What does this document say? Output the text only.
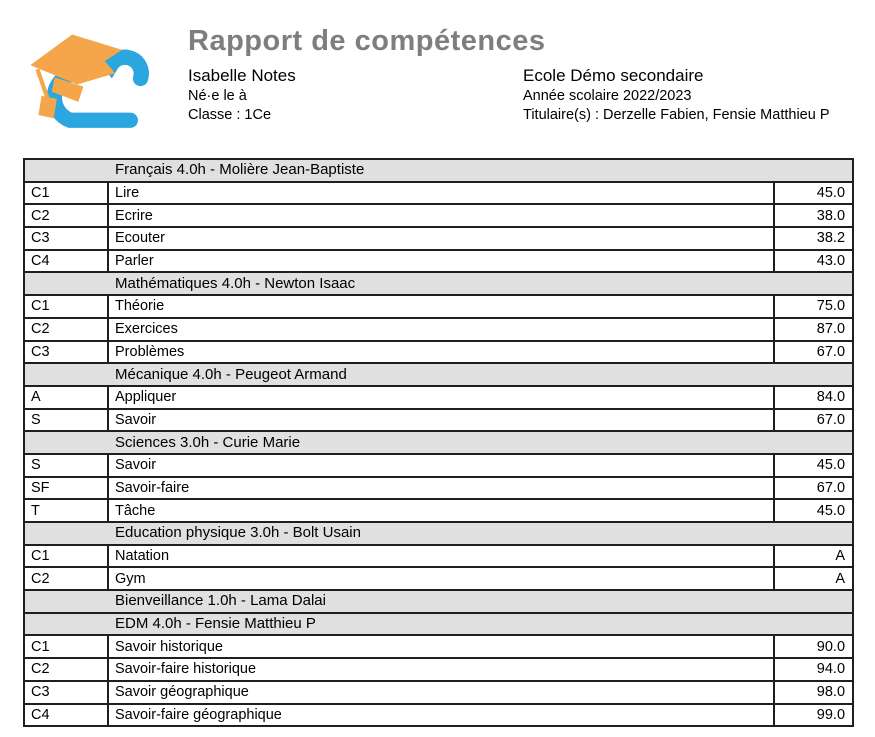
Rapport de compétences
Isabelle Notes
Né·e le à
Classe : 1Ce
Ecole Démo secondaire
Année scolaire 2022/2023
Titulaire(s) : Derzelle Fabien, Fensie Matthieu P
Français 4.0h - Molière Jean-Baptiste		
C1	Lire	45.0
C2	Ecrire	38.0
C3	Ecouter	38.2
C4	Parler	43.0
Mathématiques 4.0h - Newton Isaac		
C1	Théorie	75.0
C2	Exercices	87.0
C3	Problèmes	67.0
Mécanique 4.0h - Peugeot Armand		
A	Appliquer	84.0
S	Savoir	67.0
Sciences 3.0h - Curie Marie		
S	Savoir	45.0
SF	Savoir-faire	67.0
T	Tâche	45.0
Education physique 3.0h - Bolt Usain		
C1	Natation	A
C2	Gym	A
Bienveillance 1.0h - Lama Dalai		
EDM 4.0h - Fensie Matthieu P		
C1	Savoir historique	90.0
C2	Savoir-faire historique	94.0
C3	Savoir géographique	98.0
C4	Savoir-faire géographique	99.0
